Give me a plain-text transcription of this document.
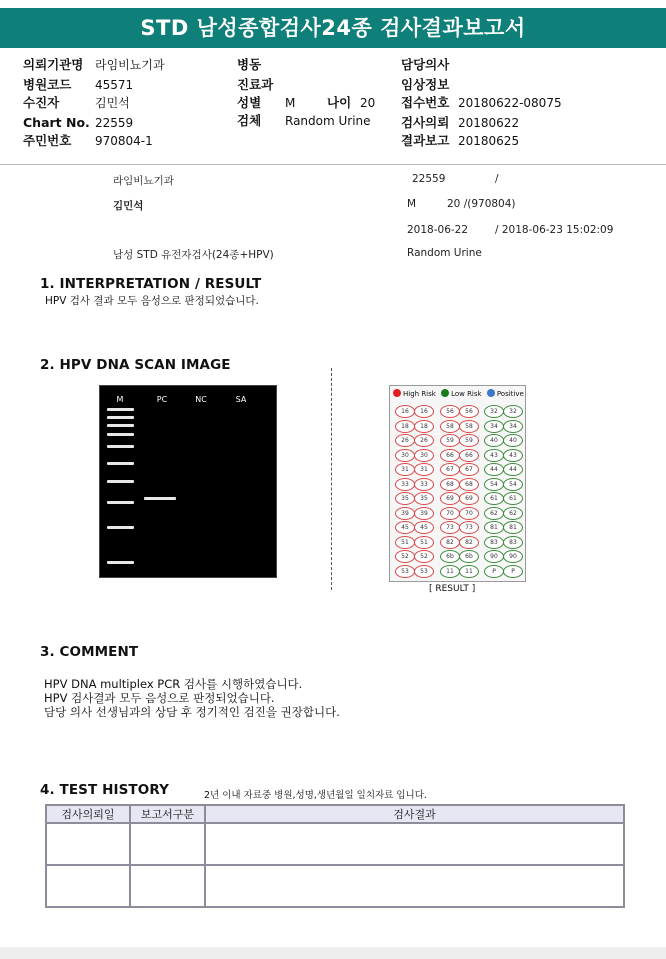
STD 남성종합검사24종 검사결과보고서
의뢰기관명 라임비뇨기과
병원코드 45571
수진자	김민석
Chart No. 22559
주민번호 970804-1
병동
진료과
성별 M	나이 20
검체 Random Urine
담당의사
임상정보
접수번호 20180622-08075
검사의뢰 20180622
결과보고 20180625
라임비뇨기과	22559	/
김민석	M	20 /(970804)
2018-06-22	/ 2018-06-23 15:02:09
남성 STD 유전자검사(24종+HPV)	Random Urine
1. INTERPRETATION / RESULT
HPV 검사 결과 모두 음성으로 판정되었습니다.
2. HPV DNA SCAN IMAGE
M	PC	NC	SA
High Risk Low Risk Positive
16	16	56	56	32	32
18	18	58	58	34	34
26	26	59	59	40	40
30	30	66	66	43	43
31	31	67	67	44	44
33	33	68	68	54	54
35	35	69	69	61	61
39	39	70	70	62	62
45	45	73	73	81	81
51	51	82	82	83	83
52	52	6b	6b	90	90
53	53	11	11	P	P
[ RESULT ]
3. COMMENT
HPV DNA multiplex PCR 검사를 시행하였습니다.
HPV 검사결과 모두 음성으로 판정되었습니다.
담당 의사 선생님과의 상담 후 정기적인 검진을 권장합니다.
4. TEST HISTORY	2년 이내 자료중 병원,성명,생년월일 일치자료 입니다.
검사의뢰일	보고서구분	검사결과
